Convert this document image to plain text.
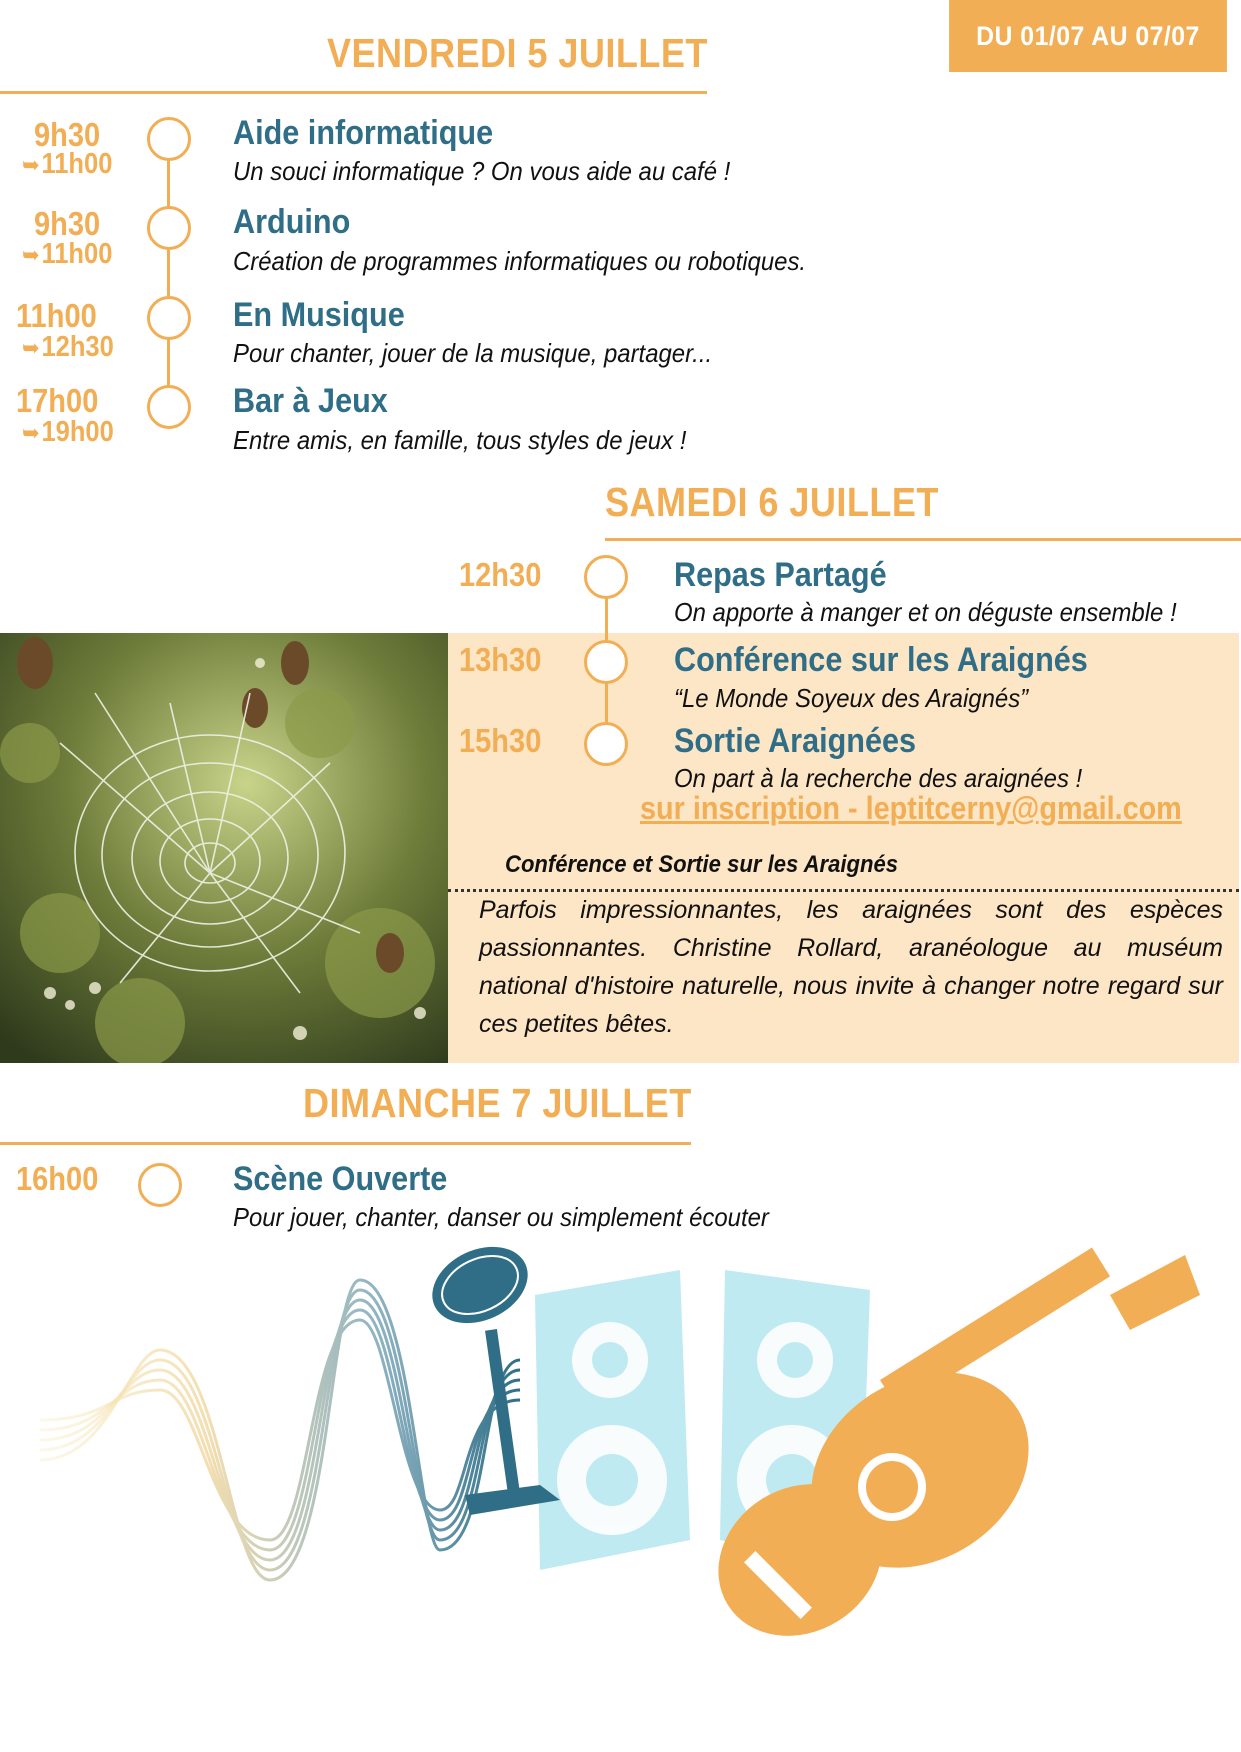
DU 01/07 AU 07/07
VENDREDI 5 JUILLET
9h30
➥11h00
Aide informatique
Un souci informatique ? On vous aide au café !
9h30
➥11h00
Arduino
Création de programmes informatiques ou robotiques.
11h00
➥12h30
En Musique
Pour chanter, jouer de la musique, partager...
17h00
➥19h00
Bar à Jeux
Entre amis, en famille, tous styles de jeux !
SAMEDI 6 JUILLET
12h30	Repas Partagé
On apporte à manger et on déguste ensemble !
13h30	Conférence sur les Araignés
“Le Monde Soyeux des Araignés”
15h30	Sortie Araignées
On part à la recherche des araignées !
sur inscription - leptitcerny@gmail.com
Conférence et Sortie sur les Araignés
Parfois impressionnantes, les araignées sont des espèces passionnantes. Christine Rollard, aranéologue au muséum national d'histoire naturelle, nous invite à changer notre regard sur ces petites bêtes.
DIMANCHE 7 JUILLET
16h00	Scène Ouverte
Pour jouer, chanter, danser ou simplement écouter
